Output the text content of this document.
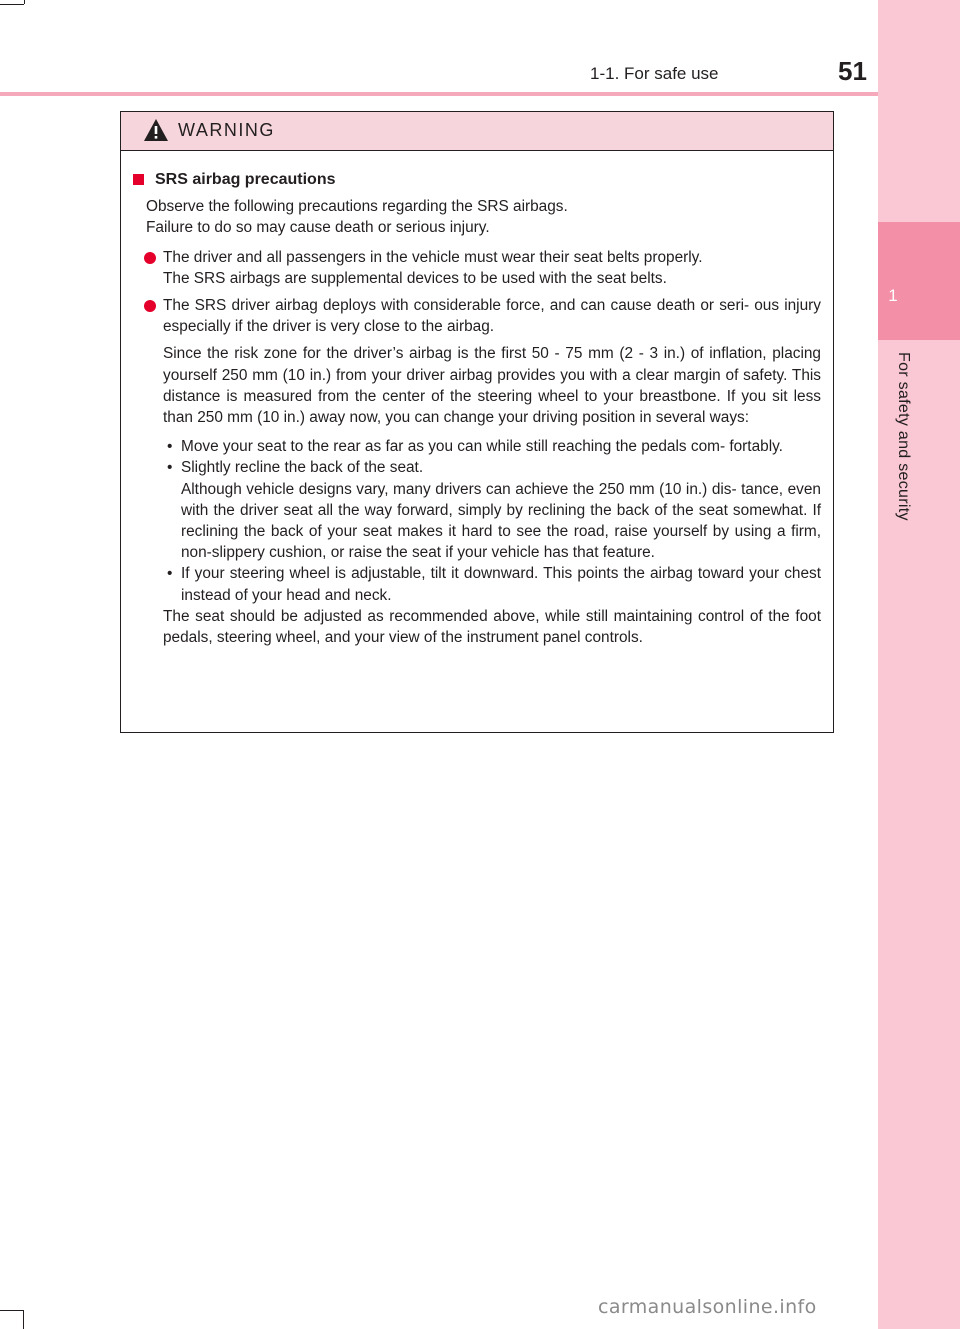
1
For safety and security
1-1. For safe use	51
WARNING
SRS airbag precautions

Observe the following precautions regarding the SRS airbags.
Failure to do so may cause death or serious injury.

The driver and all passengers in the vehicle must wear their seat belts properly.
The SRS airbags are supplemental devices to be used with the seat belts.
The SRS driver airbag deploys with considerable force, and can cause death or seri- ous injury especially if the driver is very close to the airbag.

Since the risk zone for the driver’s airbag is the first 50 - 75 mm (2 - 3 in.) of inflation, placing yourself 250 mm (10 in.) from your driver airbag provides you with a clear margin of safety. This distance is measured from the center of the steering wheel to your breastbone. If you sit less than 250 mm (10 in.) away now, you can change your driving position in several ways:

• Move your seat to the rear as far as you can while still reaching the pedals com- fortably.
• Slightly recline the back of the seat.
Although vehicle designs vary, many drivers can achieve the 250 mm (10 in.) dis- tance, even with the driver seat all the way forward, simply by reclining the back of the seat somewhat. If reclining the back of your seat makes it hard to see the road, raise yourself by using a firm, non-slippery cushion, or raise the seat if your vehicle has that feature.
• If your steering wheel is adjustable, tilt it downward. This points the airbag toward your chest instead of your head and neck.

The seat should be adjusted as recommended above, while still maintaining control of the foot pedals, steering wheel, and your view of the instrument panel controls.

carmanualsonline.info
